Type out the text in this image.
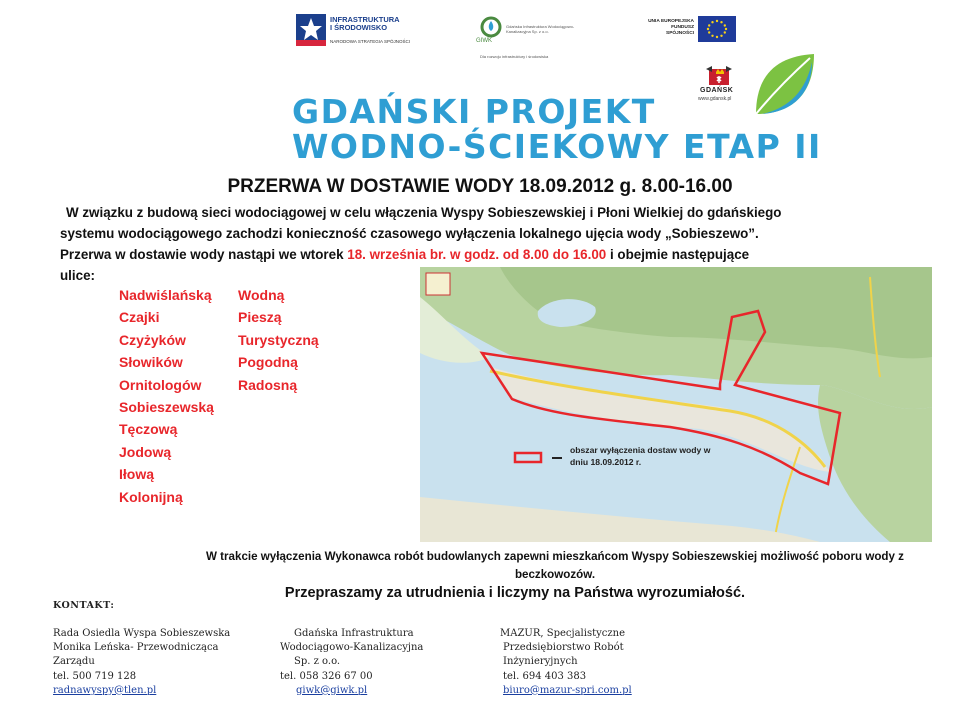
INFRASTRUKTURA
I ŚRODOWISKO
NARODOWA STRATEGIA SPÓJNOŚCI	GIWK
Gdańska Infrastruktura Wodociągowo-Kanalizacyjna Sp. z o.o.
Dla rozwoju infrastruktury i środowiska
UNIA EUROPEJSKA
FUNDUSZ SPÓJNOŚCI
GDAŃSK
www.gdansk.pl
GDAŃSKI PROJEKT
WODNO-ŚCIEKOWY ETAP II
PRZERWA W DOSTAWIE WODY 18.09.2012 g. 8.00-16.00
W związku z budową sieci wodociągowej w celu włączenia Wyspy Sobieszewskiej i Płoni Wielkiej do gdańskiego
systemu wodociągowego zachodzi konieczność czasowego wyłączenia lokalnego ujęcia wody „Sobieszewo”.
Przerwa w dostawie wody nastąpi we wtorek 18. września br. w godz. od 8.00 do 16.00 i obejmie następujące
ulice:
Nadwiślańską
Czajki
Czyżyków
Słowików
Ornitologów
Sobieszewską
Tęczową
Jodową
Iłową
Kolonijną
Wodną
Pieszą
Turystyczną
Pogodną
Radosną
obszar wyłączenia dostaw wody w
dniu 18.09.2012 r.
W trakcie wyłączenia Wykonawca robót budowlanych zapewni mieszkańcom Wyspy Sobieszewskiej możliwość poboru wody z beczkowozów.
Przepraszamy za utrudnienia i liczymy na Państwa wyrozumiałość.
KONTAKT:
Rada Osiedla Wyspa Sobieszewska
Monika Leńska- Przewodnicząca
Zarządu
tel. 500 719 128
radnawyspy@tlen.pl
Gdańska Infrastruktura
Wodociągowo-Kanalizacyjna
Sp. z o.o.
tel. 058 326 67 00
giwk@giwk.pl
MAZUR, Specjalistyczne
Przedsiębiorstwo Robót
Inżynieryjnych
tel. 694 403 383
biuro@mazur-spri.com.pl
